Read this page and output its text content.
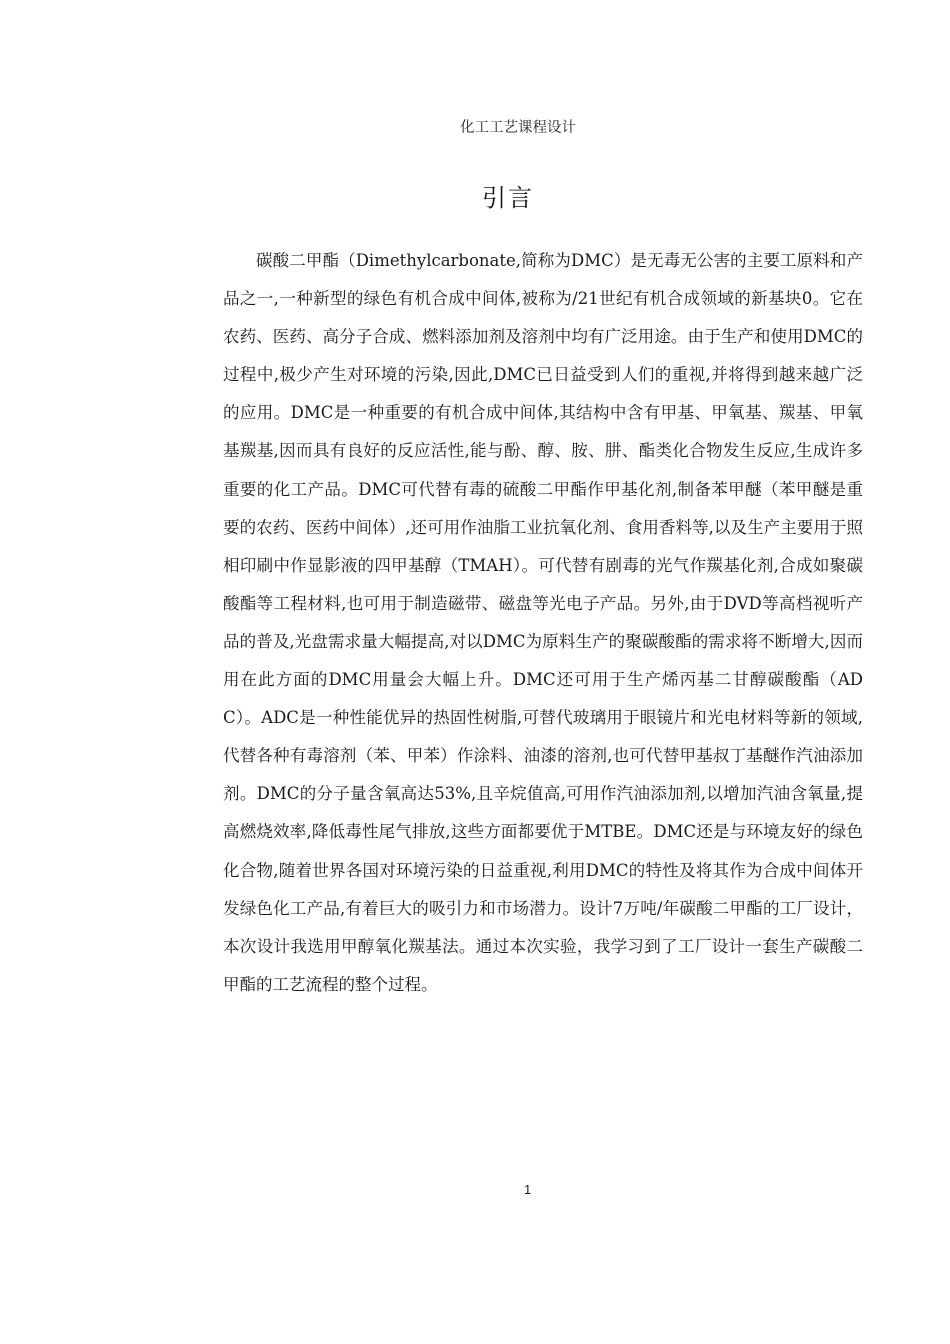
化工工艺课程设计
引言

碳酸二甲酯（Dimethylcarbonate,简称为DMC）是无毒无公害的主要工原料和产品之一,一种新型的绿色有机合成中间体,被称为/21世纪有机合成领域的新基块0。它在农药、医药、高分子合成、燃料添加剂及溶剂中均有广泛用途。由于生产和使用DMC的过程中,极少产生对环境的污染,因此,DMC已日益受到人们的重视,并将得到越来越广泛的应用。DMC是一种重要的有机合成中间体,其结构中含有甲基、甲氧基、羰基、甲氧基羰基,因而具有良好的反应活性,能与酚、醇、胺、肼、酯类化合物发生反应,生成许多重要的化工产品。DMC可代替有毒的硫酸二甲酯作甲基化剂,制备苯甲醚（苯甲醚是重要的农药、医药中间体）,还可用作油脂工业抗氧化剂、食用香料等,以及生产主要用于照相印刷中作显影液的四甲基醇（TMAH）。可代替有剧毒的光气作羰基化剂,合成如聚碳酸酯等工程材料,也可用于制造磁带、磁盘等光电子产品。另外,由于DVD等高档视听产品的普及,光盘需求量大幅提高,对以DMC为原料生产的聚碳酸酯的需求将不断增大,因而用在此方面的DMC用量会大幅上升。DMC还可用于生产烯丙基二甘醇碳酸酯（ADC）。ADC是一种性能优异的热固性树脂,可替代玻璃用于眼镜片和光电材料等新的领域,代替各种有毒溶剂（苯、甲苯）作涂料、油漆的溶剂,也可代替甲基叔丁基醚作汽油添加剂。DMC的分子量含氧高达53%,且辛烷值高,可用作汽油添加剂,以增加汽油含氧量,提高燃烧效率,降低毒性尾气排放,这些方面都要优于MTBE。DMC还是与环境友好的绿色化合物,随着世界各国对环境污染的日益重视,利用DMC的特性及将其作为合成中间体开发绿色化工产品,有着巨大的吸引力和市场潜力。设计7万吨/年碳酸二甲酯的工厂设计，本次设计我选用甲醇氧化羰基法。通过本次实验，我学习到了工厂设计一套生产碳酸二甲酯的工艺流程的整个过程。

1
